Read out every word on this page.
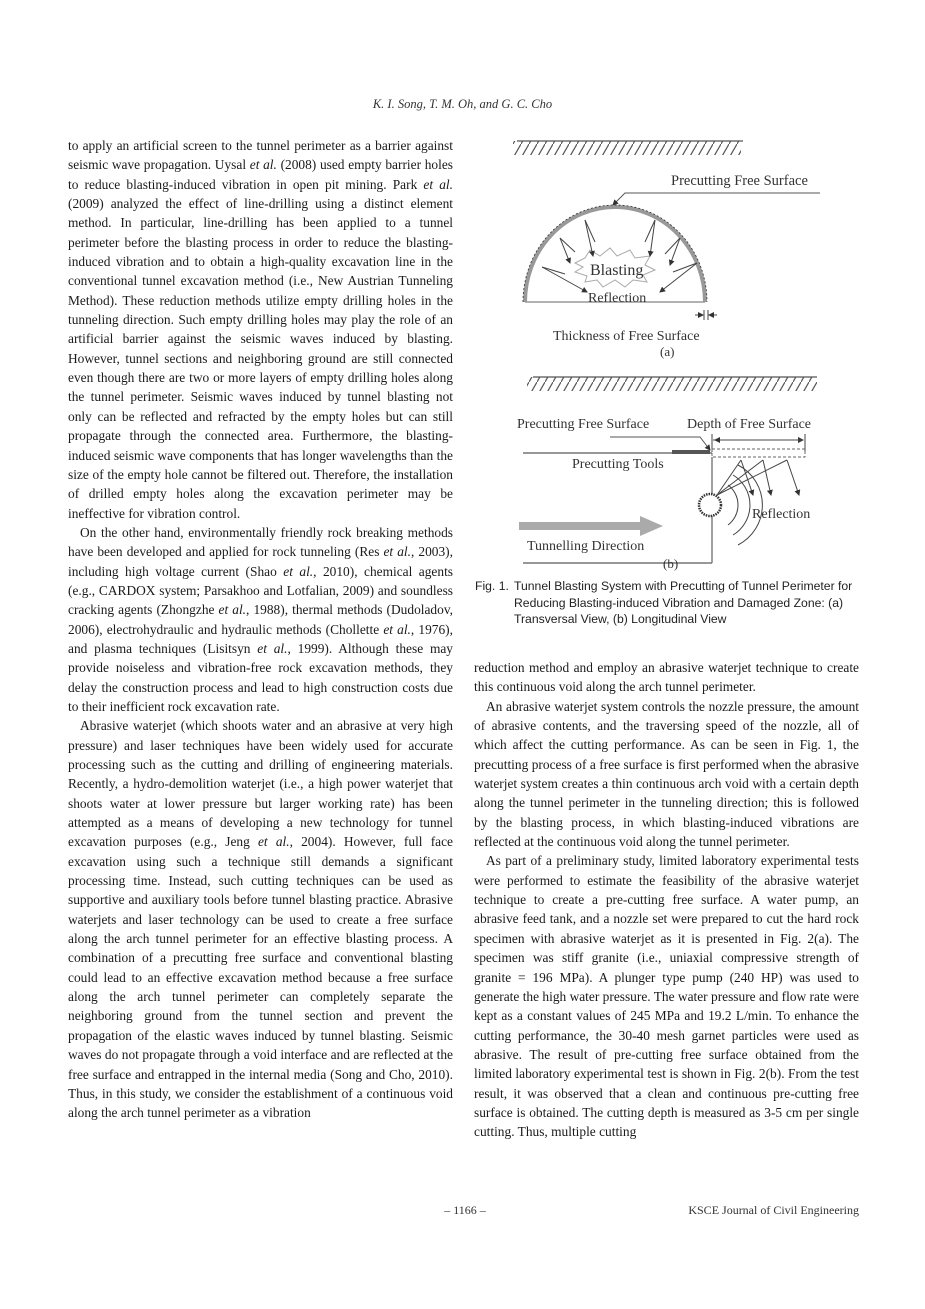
K. I. Song, T. M. Oh, and G. C. Cho

to apply an artificial screen to the tunnel perimeter as a barrier against seismic wave propagation. Uysal et al. (2008) used empty barrier holes to reduce blasting-induced vibration in open pit mining. Park et al. (2009) analyzed the effect of line-drilling using a distinct element method. In particular, line-drilling has been applied to a tunnel perimeter before the blasting process in order to reduce the blasting-induced vibration and to obtain a high-quality excavation line in the conventional tunnel excavation method (i.e., New Austrian Tunneling Method). These reduction methods utilize empty drilling holes in the tunneling direction. Such empty drilling holes may play the role of an artificial barrier against the seismic waves induced by blasting. However, tunnel sections and neighboring ground are still connected even though there are two or more layers of empty drilling holes along the tunnel perimeter. Seismic waves induced by tunnel blasting not only can be reflected and refracted by the empty holes but can still propagate through the connected area. Furthermore, the blasting-induced seismic wave components that has longer wavelengths than the size of the empty hole cannot be filtered out. Therefore, the installation of drilled empty holes along the excavation perimeter may be ineffective for vibration control.

On the other hand, environmentally friendly rock breaking methods have been developed and applied for rock tunneling (Res et al., 2003), including high voltage current (Shao et al., 2010), chemical agents (e.g., CARDOX system; Parsakhoo and Lotfalian, 2009) and soundless cracking agents (Zhongzhe et al., 1988), thermal methods (Dudoladov, 2006), electrohydraulic and hydraulic methods (Chollette et al., 1976), and plasma techniques (Lisitsyn et al., 1999). Although these may provide noiseless and vibration-free rock excavation methods, they delay the construction process and lead to high construction costs due to their inefficient rock excavation rate.

Abrasive waterjet (which shoots water and an abrasive at very high pressure) and laser techniques have been widely used for accurate processing such as the cutting and drilling of engineering materials. Recently, a hydro-demolition waterjet (i.e., a high power waterjet that shoots water at lower pressure but larger working rate) has been attempted as a means of developing a new technology for tunnel excavation purposes (e.g., Jeng et al., 2004). However, full face excavation using such a technique still demands a significant processing time. Instead, such cutting techniques can be used as supportive and auxiliary tools before tunnel blasting practice. Abrasive waterjets and laser technology can be used to create a free surface along the arch tunnel perimeter for an effective blasting process. A combination of a precutting free surface and conventional blasting could lead to an effective excavation method because a free surface along the arch tunnel perimeter can completely separate the neighboring ground from the tunnel section and prevent the propagation of the elastic waves induced by tunnel blasting. Seismic waves do not propagate through a void interface and are reflected at the free surface and entrapped in the internal media (Song and Cho, 2010). Thus, in this study, we consider the establishment of a continuous void along the arch tunnel perimeter as a vibration

Precutting Free Surface
Blasting
Reflection
Thickness of Free Surface
(a)
Precutting Free Surface	Depth of Free Surface
Precutting Tools
Tunnelling Direction
Reflection
(b)
Fig. 1. Tunnel Blasting System with Precutting of Tunnel Perimeter for Reducing Blasting-induced Vibration and Damaged Zone: (a) Transversal View, (b) Longitudinal View

reduction method and employ an abrasive waterjet technique to create this continuous void along the arch tunnel perimeter.

An abrasive waterjet system controls the nozzle pressure, the amount of abrasive contents, and the traversing speed of the nozzle, all of which affect the cutting performance. As can be seen in Fig. 1, the precutting process of a free surface is first performed when the abrasive waterjet system creates a thin continuous arch void with a certain depth along the tunnel perimeter in the tunneling direction; this is followed by the blasting process, in which blasting-induced vibrations are reflected at the continuous void along the tunnel perimeter.

As part of a preliminary study, limited laboratory experimental tests were performed to estimate the feasibility of the abrasive waterjet technique to create a pre-cutting free surface. A water pump, an abrasive feed tank, and a nozzle set were prepared to cut the hard rock specimen with abrasive waterjet as it is presented in Fig. 2(a). The specimen was stiff granite (i.e., uniaxial compressive strength of granite = 196 MPa). A plunger type pump (240 HP) was used to generate the high water pressure. The water pressure and flow rate were kept as a constant values of 245 MPa and 19.2 L/min. To enhance the cutting performance, the 30-40 mesh garnet particles were used as abrasive. The result of pre-cutting free surface obtained from the limited laboratory experimental test is shown in Fig. 2(b). From the test result, it was observed that a clean and continuous pre-cutting free surface is obtained. The cutting depth is measured as 3-5 cm per single cutting. Thus, multiple cutting

– 1166 –	KSCE Journal of Civil Engineering
